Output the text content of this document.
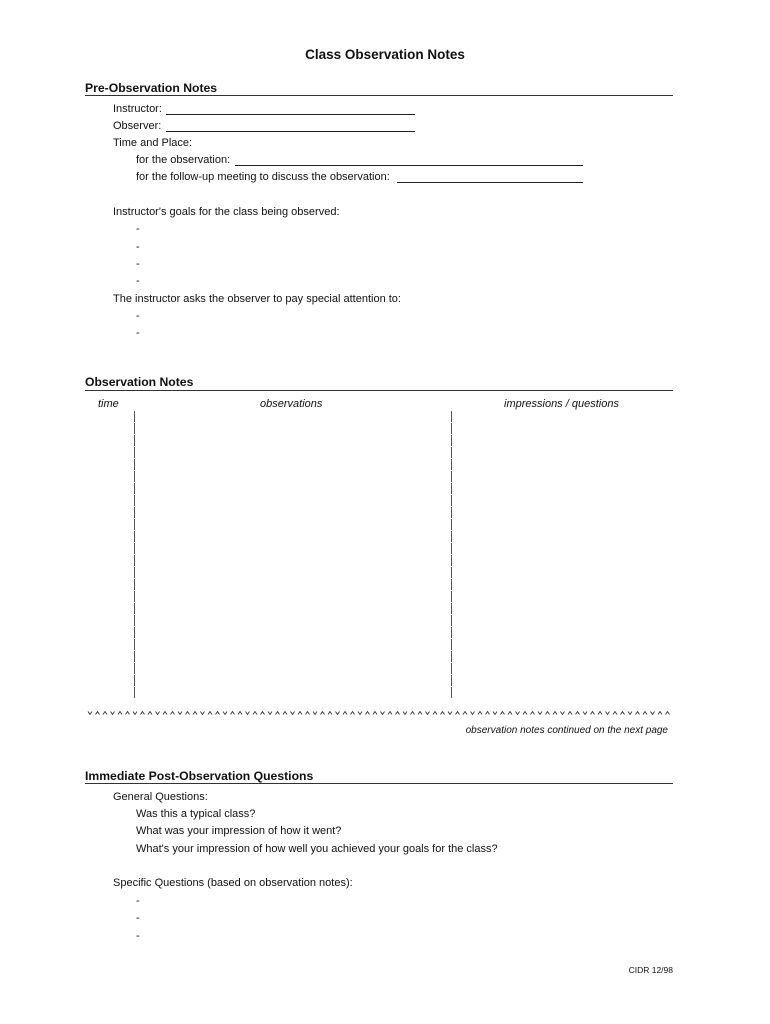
Class Observation Notes
Pre-Observation Notes
Instructor:
Observer:
Time and Place:
for the observation:
for the follow-up meeting to discuss the observation:
Instructor's goals for the class being observed:
-
-
-
-
The instructor asks the observer to pay special attention to:
-
-
Observation Notes
time	observations	impressions / questions
observation notes continued on the next page
Immediate Post-Observation Questions
General Questions:
Was this a typical class?
What was your impression of how it went?
What's your impression of how well you achieved your goals for the class?
Specific Questions (based on observation notes):
-
-
-
CIDR 12/98
